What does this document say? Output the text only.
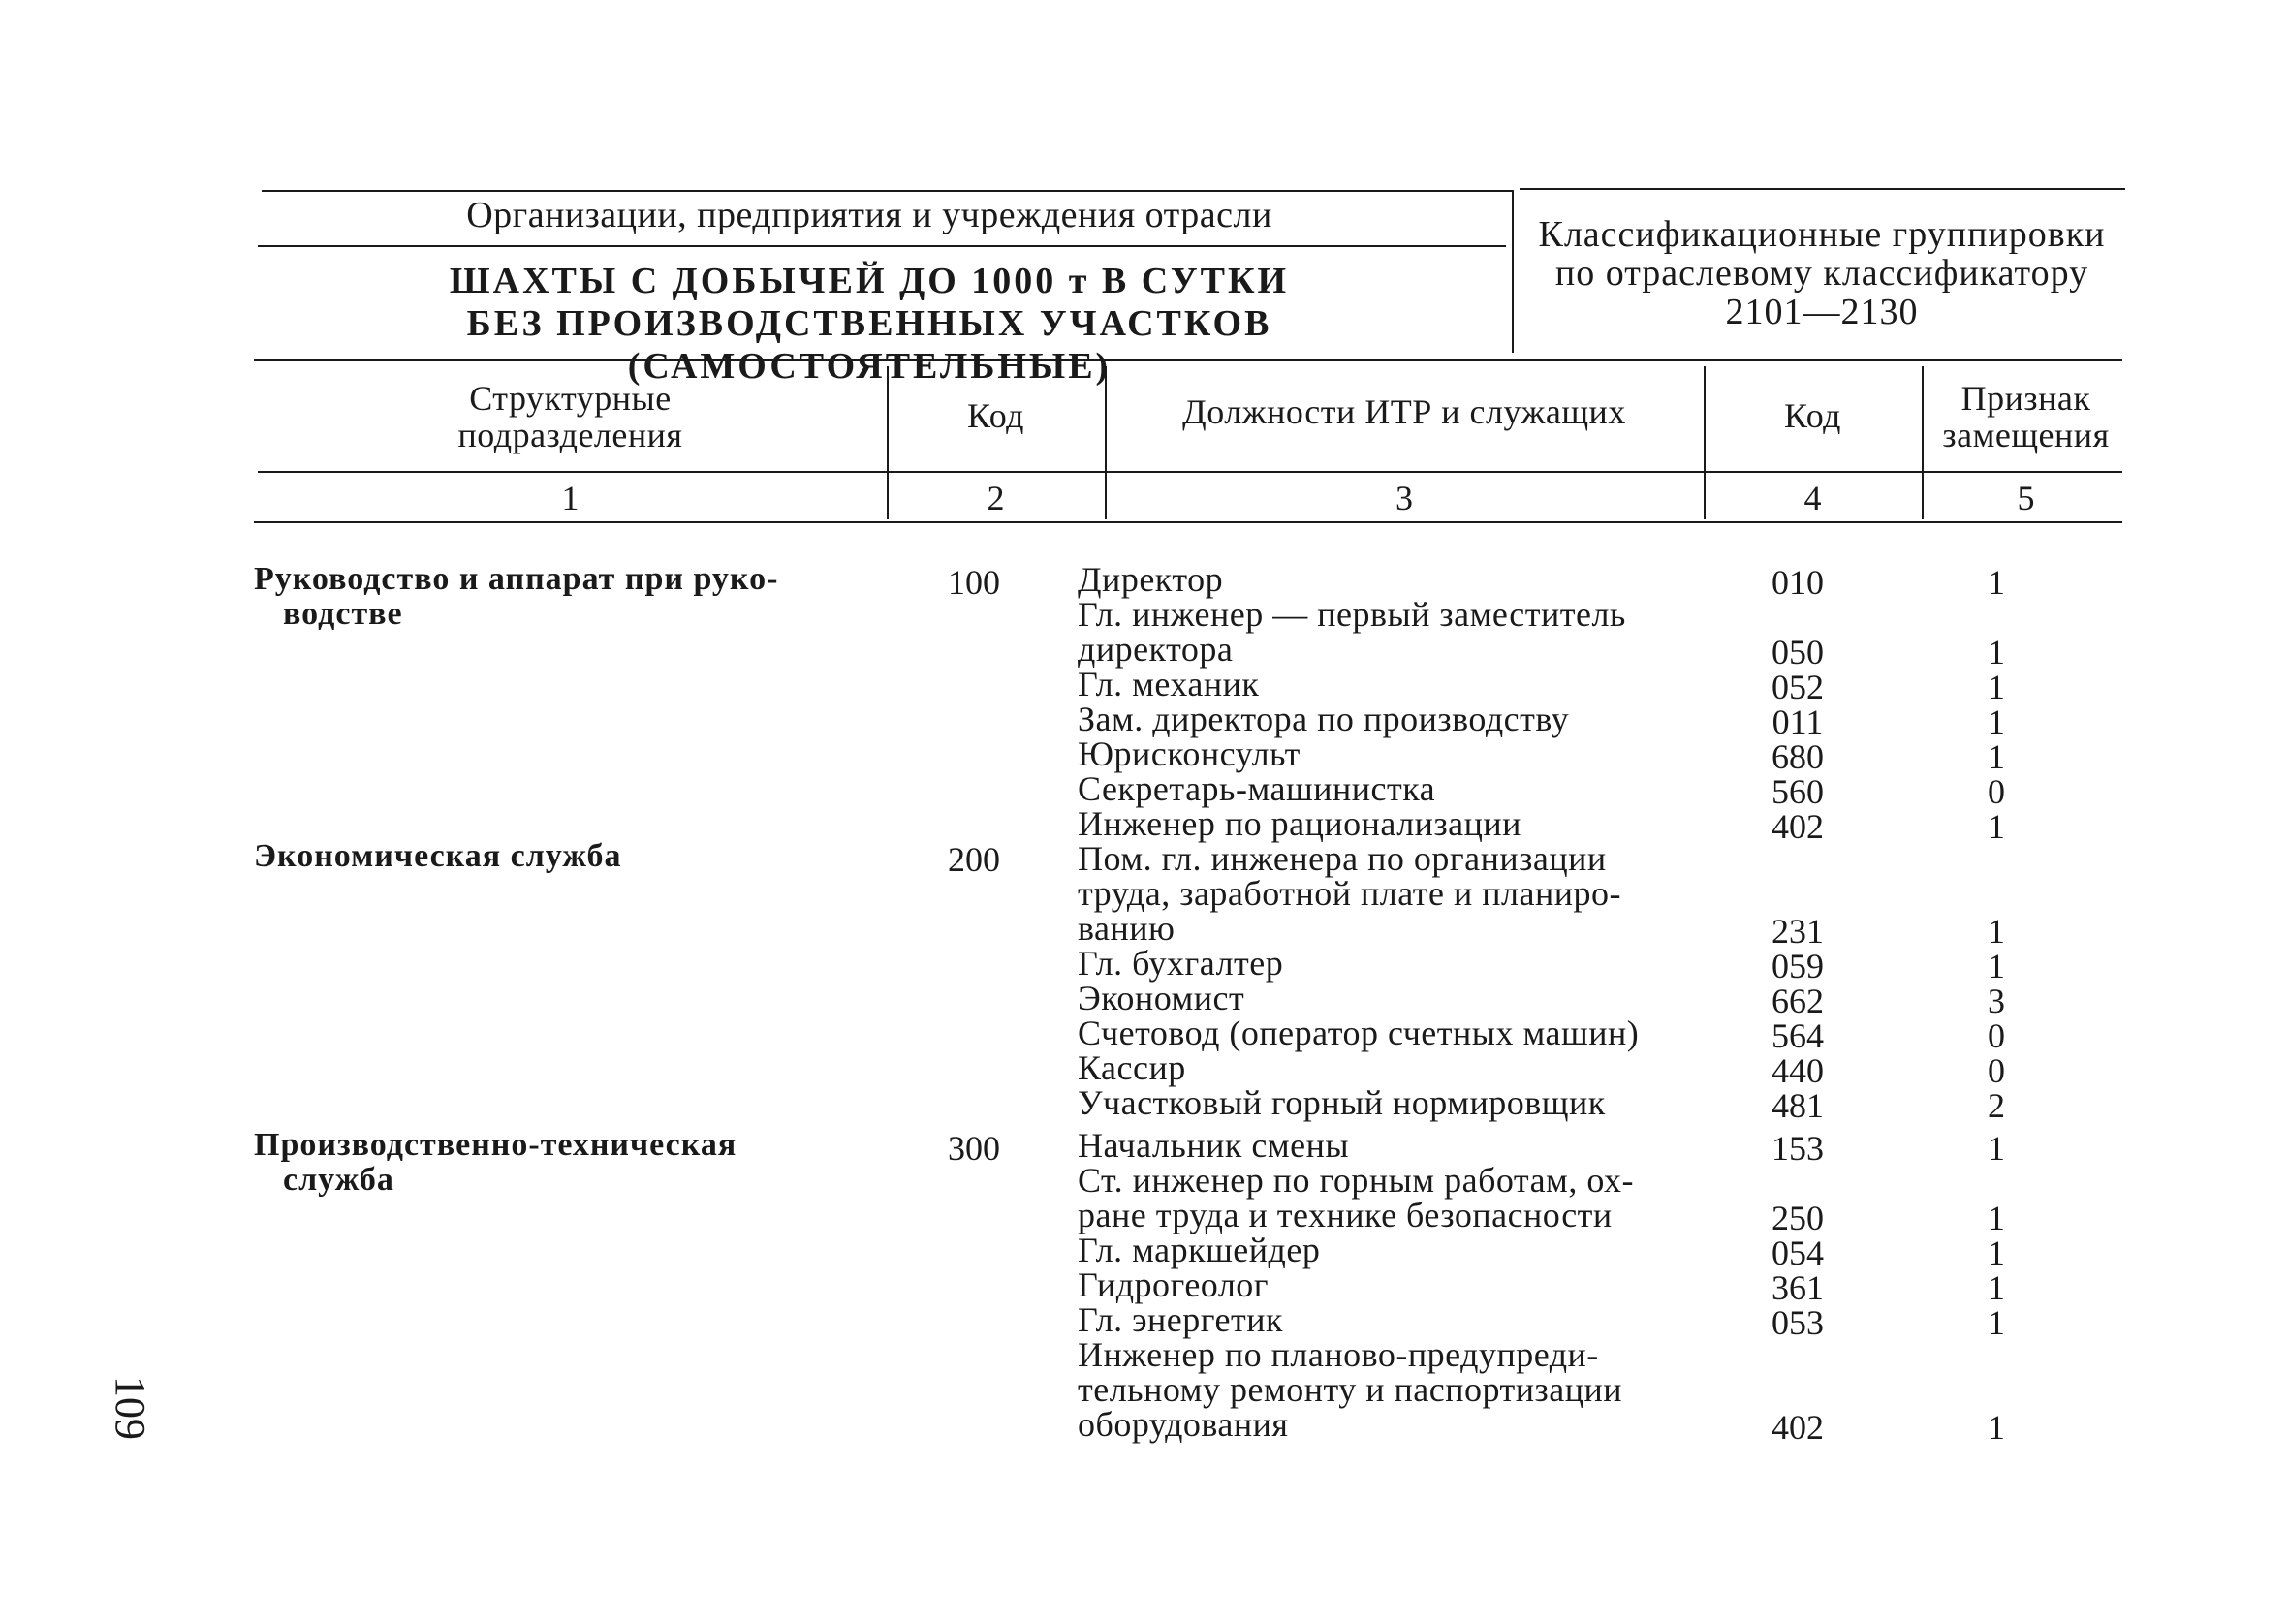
Организации, предприятия и учреждения отрасли
ШАХТЫ С ДОБЫЧЕЙ ДО 1000 т В СУТКИ
БЕЗ ПРОИЗВОДСТВЕННЫХ УЧАСТКОВ (САМОСТОЯТЕЛЬНЫЕ)
Классификационные группировки
по отраслевому классификатору
2101—2130
Структурные
подразделения	Код	Должности ИТР и служащих	Код	Признак
замещения
1	2	3	4	5
Руководство и аппарат при руко-
водстве
100	Директор	010	1
Гл. инженер — первый заместитель
директора	050	1
Гл. механик	052	1
Зам. директора по производству	011	1
Юрисконсульт	680	1
Секретарь-машинистка	560	0
Инженер по рационализации	402	1
Экономическая служба	200	Пом. гл. инженера по организации
труда, заработной плате и планиро-
ванию	231	1
Гл. бухгалтер	059	1
Экономист	662	3
Счетовод (оператор счетных машин)	564	0
Кассир	440	0
Участковый горный нормировщик	481	2
Производственно-техническая
служба
300	Начальник смены	153	1
Ст. инженер по горным работам, ох-
ране труда и технике безопасности	250	1
Гл. маркшейдер	054	1
Гидрогеолог	361	1
Гл. энергетик	053	1
Инженер по планово-предупреди-
тельному ремонту и паспортизации
оборудования	402	1
109
